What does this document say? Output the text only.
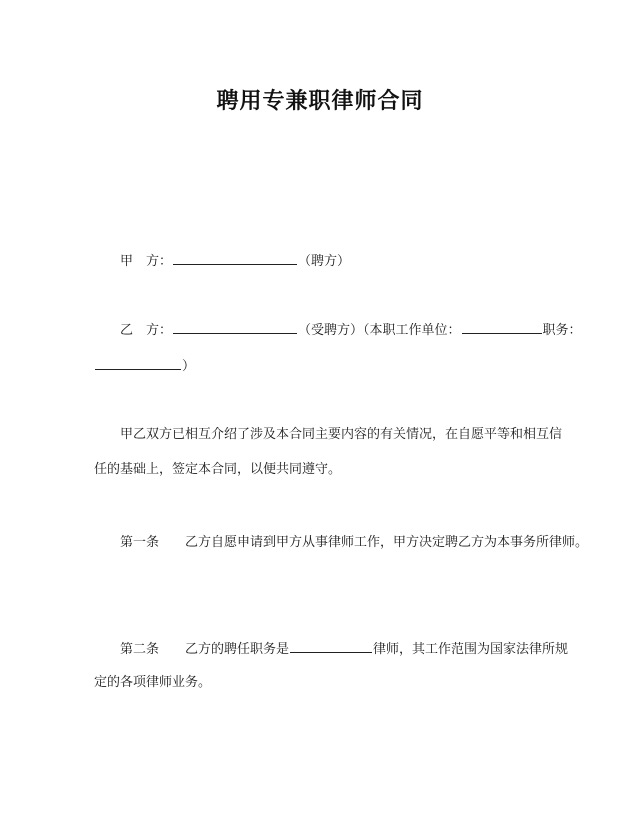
聘用专兼职律师合同
甲　方：	（聘方）
乙　方：	（受聘方）（本职工作单位：	职务：
）
甲乙双方已相互介绍了涉及本合同主要内容的有关情况，在自愿平等和相互信
任的基础上，签定本合同，以便共同遵守。
第一条 乙方自愿申请到甲方从事律师工作，甲方决定聘乙方为本事务所律师。
第二条 乙方的聘任职务是	律师，其工作范围为国家法律所规
定的各项律师业务。
